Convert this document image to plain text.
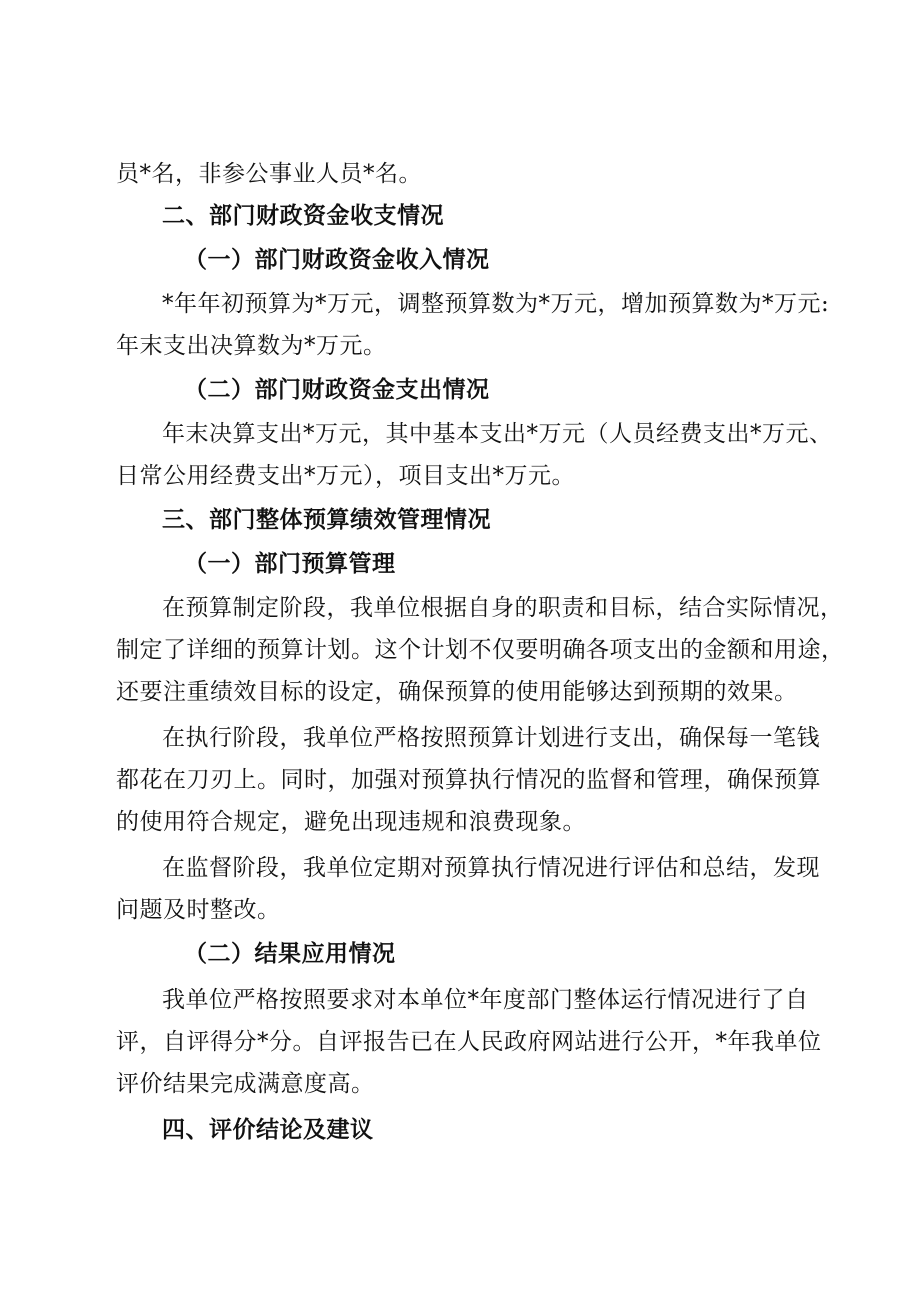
员*名，非参公事业人员*名。
二、部门财政资金收支情况
（一）部门财政资金收入情况
*年年初预算为*万元，调整预算数为*万元，增加预算数为*万元:
年末支出决算数为*万元。
（二）部门财政资金支出情况
年末决算支出*万元，其中基本支出*万元（人员经费支出*万元、
日常公用经费支出*万元），项目支出*万元。
三、部门整体预算绩效管理情况
（一）部门预算管理
在预算制定阶段，我单位根据自身的职责和目标，结合实际情况，
制定了详细的预算计划。这个计划不仅要明确各项支出的金额和用途，
还要注重绩效目标的设定，确保预算的使用能够达到预期的效果。
在执行阶段，我单位严格按照预算计划进行支出，确保每一笔钱
都花在刀刃上。同时，加强对预算执行情况的监督和管理，确保预算
的使用符合规定，避免出现违规和浪费现象。
在监督阶段，我单位定期对预算执行情况进行评估和总结，发现
问题及时整改。
（二）结果应用情况
我单位严格按照要求对本单位*年度部门整体运行情况进行了自
评，自评得分*分。自评报告已在人民政府网站进行公开，*年我单位
评价结果完成满意度高。
四、评价结论及建议
